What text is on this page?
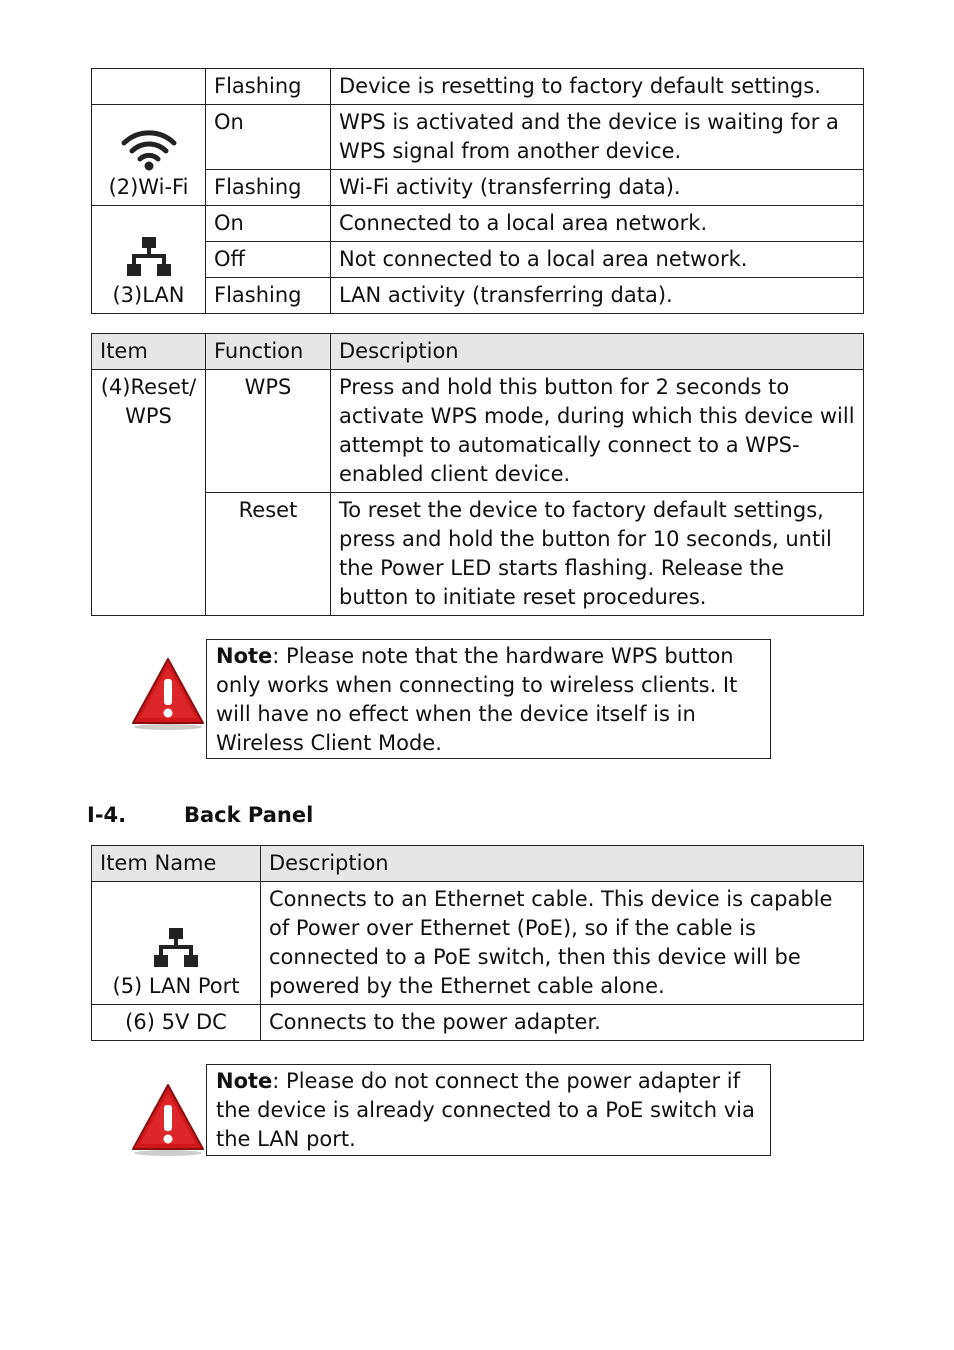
	Flashing	Device is resetting to factory default settings.

(2)Wi-Fi	On	WPS is activated and the device is waiting for a WPS signal from another device.
	Flashing	Wi-Fi activity (transferring data).

(3)LAN	On	Connected to a local area network.
	Off	Not connected to a local area network.
	Flashing	LAN activity (transferring data).
Item	Function	Description
(4)Reset/ WPS	WPS	Press and hold this button for 2 seconds to activate WPS mode, during which this device will attempt to automatically connect to a WPS-enabled client device.
	Reset	To reset the device to factory default settings, press and hold the button for 10 seconds, until the Power LED starts flashing. Release the button to initiate reset procedures.
Note: Please note that the hardware WPS button only works when connecting to wireless clients. It will have no effect when the device itself is in Wireless Client Mode.
I-4.	Back Panel
Item Name	Description

(5) LAN Port	Connects to an Ethernet cable. This device is capable of Power over Ethernet (PoE), so if the cable is connected to a PoE switch, then this device will be powered by the Ethernet cable alone.
(6) 5V DC	Connects to the power adapter.
Note: Please do not connect the power adapter if the device is already connected to a PoE switch via the LAN port.
